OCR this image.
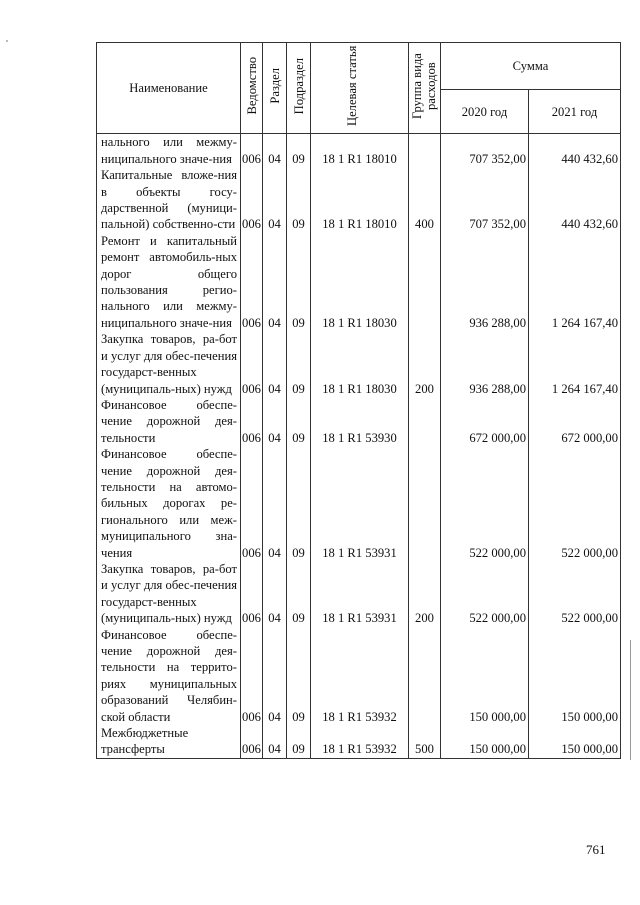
Наименование	Ведомство	Раздел	Подраздел	Целевая статья	Группа вида расходов	Сумма	
						2020 год	2021 год
нального или межму-ниципального значе-ния	006	04	09	18 1 R1 18010		707 352,00	440 432,60
Капитальные вложе-ния в объекты госу-дарственной (муници-пальной) собственно-сти	006	04	09	18 1 R1 18010	400	707 352,00	440 432,60
Ремонт и капитальный ремонт автомобиль-ных дорог общего пользования регио-нального или межму-ниципального значе-ния	006	04	09	18 1 R1 18030		936 288,00	1 264 167,40
Закупка товаров, ра-бот и услуг для обес-печения государст-венных (муниципаль-ных) нужд	006	04	09	18 1 R1 18030	200	936 288,00	1 264 167,40
Финансовое обеспе-чение дорожной дея-тельности	006	04	09	18 1 R1 53930		672 000,00	672 000,00
Финансовое обеспе-чение дорожной дея-тельности на автомо-бильных дорогах ре-гионального или меж-муниципального зна-чения	006	04	09	18 1 R1 53931		522 000,00	522 000,00
Закупка товаров, ра-бот и услуг для обес-печения государст-венных (муниципаль-ных) нужд	006	04	09	18 1 R1 53931	200	522 000,00	522 000,00
Финансовое обеспе-чение дорожной дея-тельности на террито-риях муниципальных образований Челябин-ской области	006	04	09	18 1 R1 53932		150 000,00	150 000,00
Межбюджетные трансферты	006	04	09	18 1 R1 53932	500	150 000,00	150 000,00
761
